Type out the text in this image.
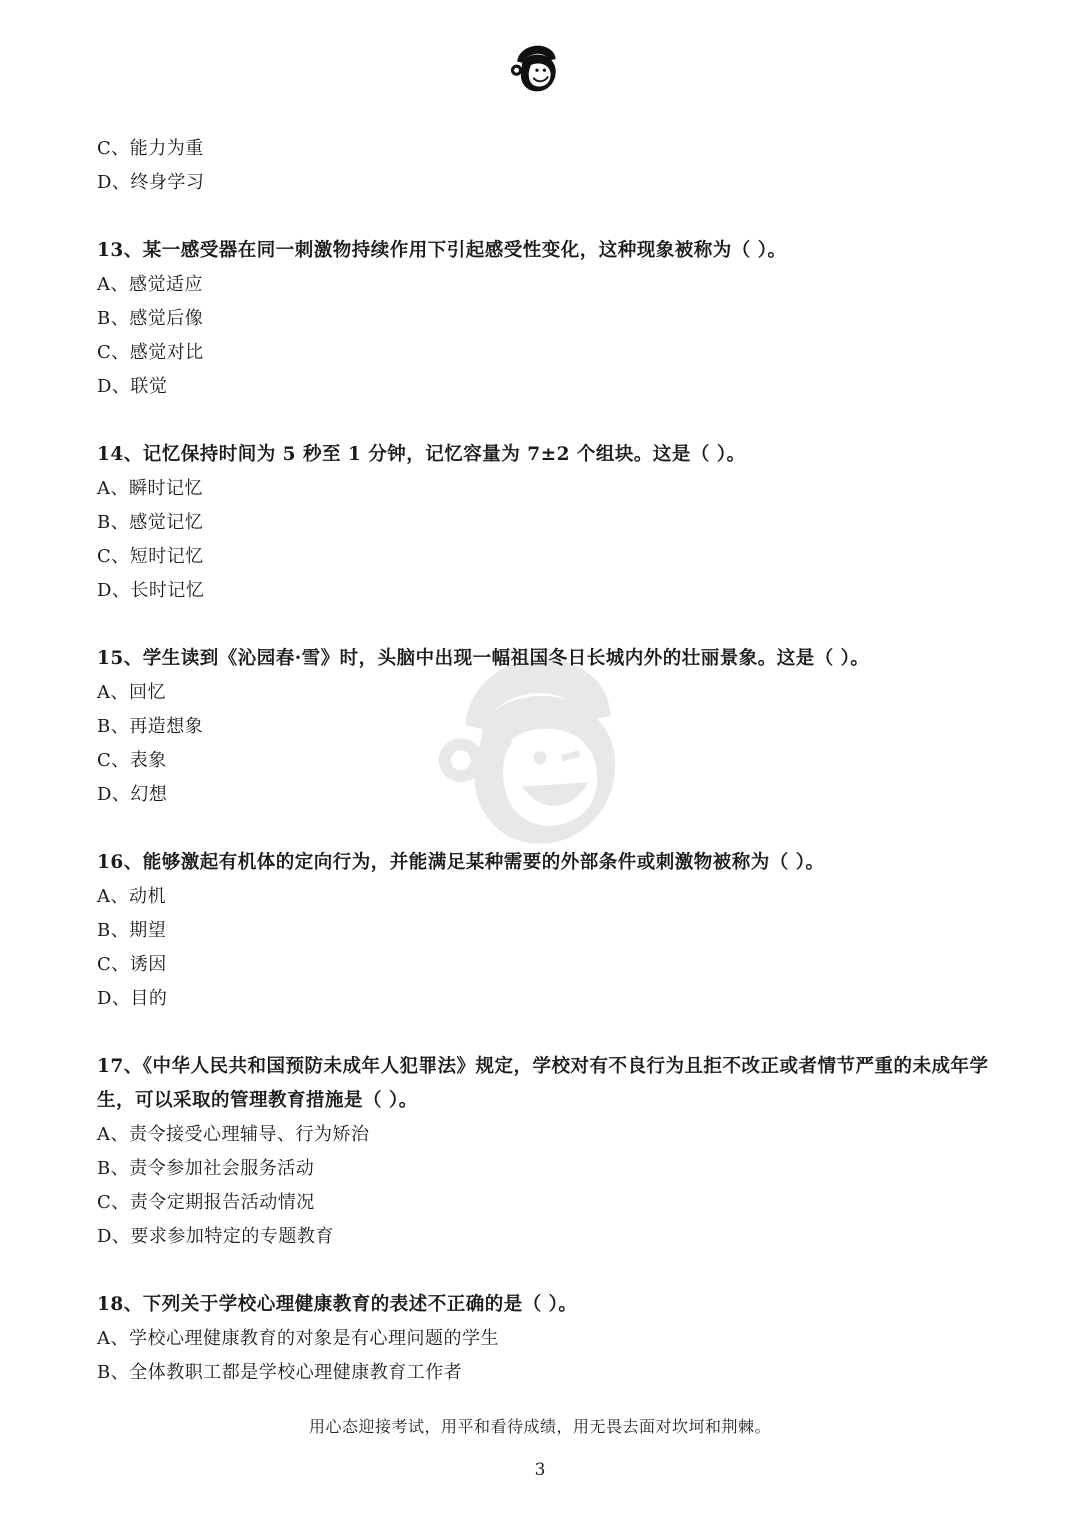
C、能力为重
D、终身学习
13、某一感受器在同一刺激物持续作用下引起感受性变化，这种现象被称为（ ）。
A、感觉适应
B、感觉后像
C、感觉对比
D、联觉
14、记忆保持时间为 5 秒至 1 分钟，记忆容量为 7±2 个组块。这是（ ）。
A、瞬时记忆
B、感觉记忆
C、短时记忆
D、长时记忆
15、学生读到《沁园春·雪》时，头脑中出现一幅祖国冬日长城内外的壮丽景象。这是（ ）。
A、回忆
B、再造想象
C、表象
D、幻想
16、能够激起有机体的定向行为，并能满足某种需要的外部条件或刺激物被称为（ ）。
A、动机
B、期望
C、诱因
D、目的
17、《中华人民共和国预防未成年人犯罪法》规定，学校对有不良行为且拒不改正或者情节严重的未成年学
生，可以采取的管理教育措施是（ ）。
A、责令接受心理辅导、行为矫治
B、责令参加社会服务活动
C、责令定期报告活动情况
D、要求参加特定的专题教育
18、下列关于学校心理健康教育的表述不正确的是（ ）。
A、学校心理健康教育的对象是有心理问题的学生
B、全体教职工都是学校心理健康教育工作者
用心态迎接考试，用平和看待成绩，用无畏去面对坎坷和荆棘。
3
